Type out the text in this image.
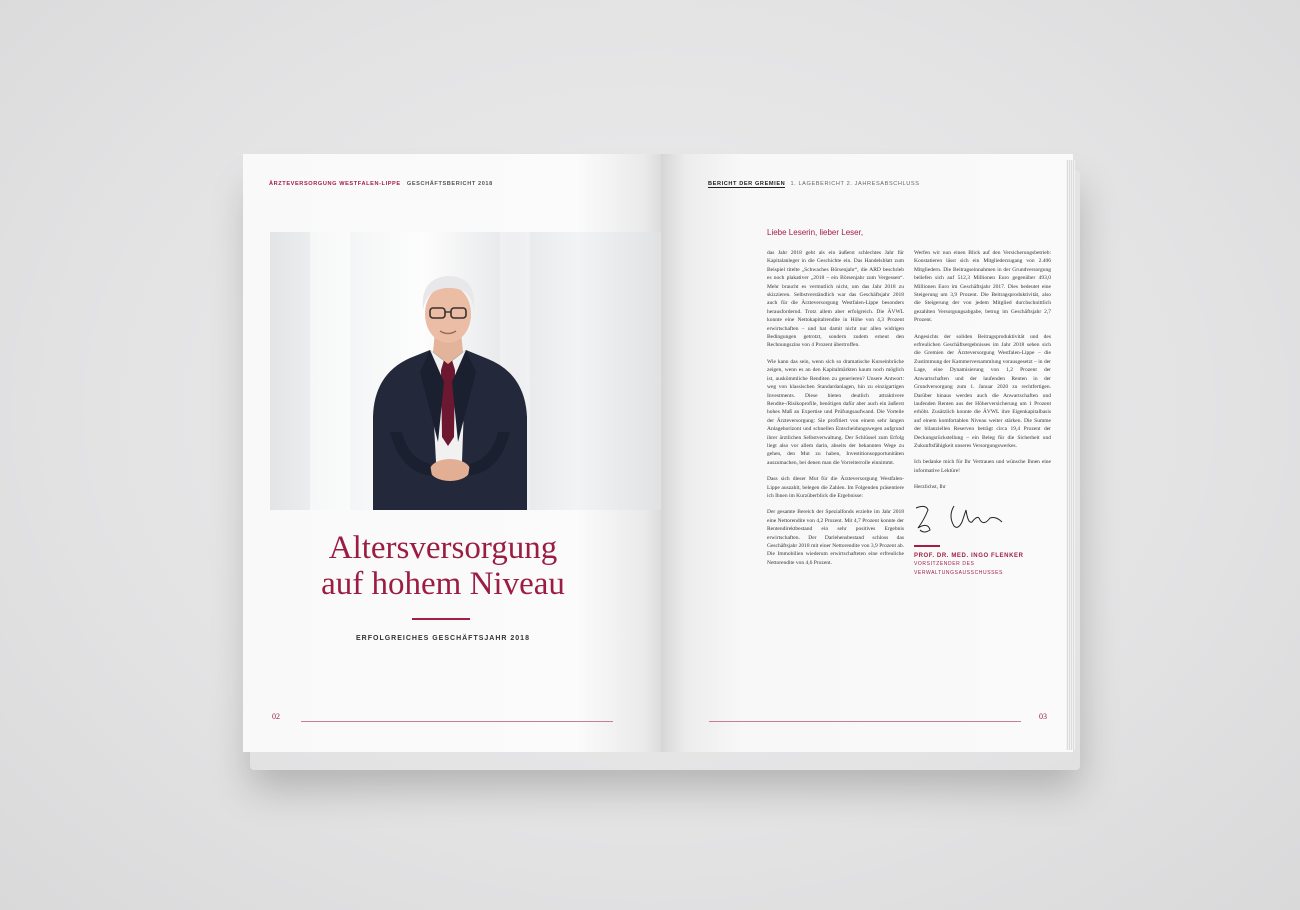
ÄRZTEVERSORGUNG WESTFALEN-LIPPE GESCHÄFTSBERICHT 2018
Altersversorgung
auf hohem Niveau
ERFOLGREICHES GESCHÄFTSJAHR 2018
02
BERICHT DER GREMIEN 1. LAGEBERICHT 2. JAHRESABSCHLUSS
Liebe Leserin, lieber Leser,

das Jahr 2018 geht als ein äußerst schlechtes Jahr für Kapitalanleger in die Geschichte ein. Das Handelsblatt zum Beispiel titelte „Schwaches Börsenjahr“, die ARD beschrieb es noch plakativer „2018 – ein Börsenjahr zum Vergessen“. Mehr braucht es vermutlich nicht, um das Jahr 2018 zu skizzieren. Selbstverständlich war das Geschäftsjahr 2018 auch für die Ärzteversorgung Westfalen-Lippe besonders herausfordernd. Trotz allem aber erfolgreich. Die ÄVWL konnte eine Nettokapitalrendite in Höhe von 4,3 Prozent erwirtschaften – und hat damit nicht nur allen widrigen Bedingungen getrotzt, sondern zudem erneut den Rechnungszins von 4 Prozent übertroffen.

Wie kann das sein, wenn sich so dramatische Kurseinbrüche zeigen, wenn es an den Kapitalmärkten kaum noch möglich ist, auskömmliche Renditen zu generieren? Unsere Antwort: weg von klassischen Standardanlagen, hin zu einzigartigen Investments. Diese bieten deutlich attraktivere Rendite-/Risikoprofile, benötigen dafür aber auch ein äußerst hohes Maß an Expertise und Prüfungsaufwand. Die Vorteile der Ärzteversorgung: Sie profitiert von einem sehr langen Anlagehorizont und schnellen Entscheidungswegen aufgrund ihrer ärztlichen Selbstverwaltung. Der Schlüssel zum Erfolg liegt also vor allem darin, abseits der bekannten Wege zu gehen, den Mut zu haben, Investitionsopportunitäten auszumachen, bei denen man die Vorreiterrolle einnimmt.

Dass sich dieser Mut für die Ärzteversorgung Westfalen-Lippe auszahlt, belegen die Zahlen. Im Folgenden präsentiere ich Ihnen im Kurzüberblick die Ergebnisse:

Der gesamte Bereich der Spezialfonds erzielte im Jahr 2018 eine Nettorendite von 4,2 Prozent. Mit 4,7 Prozent konnte der Rentendirektbestand ein sehr positives Ergebnis erwirtschaften. Der Darlehensbestand schloss das Geschäftsjahr 2018 mit einer Nettorendite von 3,9 Prozent ab. Die Immobilien wiederum erwirtschafteten eine erfreuliche Nettorendite von 4,6 Prozent.

Werfen wir nun einen Blick auf den Versicherungsbetrieb: Konstatieren lässt sich ein Mitgliederzugang von 2.406 Mitgliedern. Die Beitragseinnahmen in der Grundversorgung beliefen sich auf 512,3 Millionen Euro gegenüber 493,0 Millionen Euro im Geschäftsjahr 2017. Dies bedeutet eine Steigerung um 3,9 Prozent. Die Beitragsproduktivität, also die Steigerung der von jedem Mitglied durchschnittlich gezahlten Versorgungsabgabe, betrug im Geschäftsjahr 2,7 Prozent.

Angesichts der soliden Beitragsproduktivität und des erfreulichen Geschäftsergebnisses im Jahr 2018 sehen sich die Gremien der Ärzteversorgung Westfalen-Lippe – die Zustimmung der Kammerversammlung vorausgesetzt – in der Lage, eine Dynamisierung von 1,2 Prozent der Anwartschaften und der laufenden Renten in der Grundversorgung zum 1. Januar 2020 zu rechtfertigen. Darüber hinaus werden auch die Anwartschaften und laufenden Renten aus der Höherversicherung um 1 Prozent erhöht. Zusätzlich konnte die ÄVWL ihre Eigenkapitalbasis auf einem komfortablen Niveau weiter stärken. Die Summe der bilanziellen Reserven beträgt circa 19,4 Prozent der Deckungsrückstellung – ein Beleg für die Sicherheit und Zukunftsfähigkeit unseres Versorgungswerkes.

Ich bedanke mich für Ihr Vertrauen und wünsche Ihnen eine informative Lektüre!

Herzlichst, Ihr

PROF. DR. MED. INGO FLENKER
VORSITZENDER DES
VERWALTUNGSAUSSCHUSSES
03
